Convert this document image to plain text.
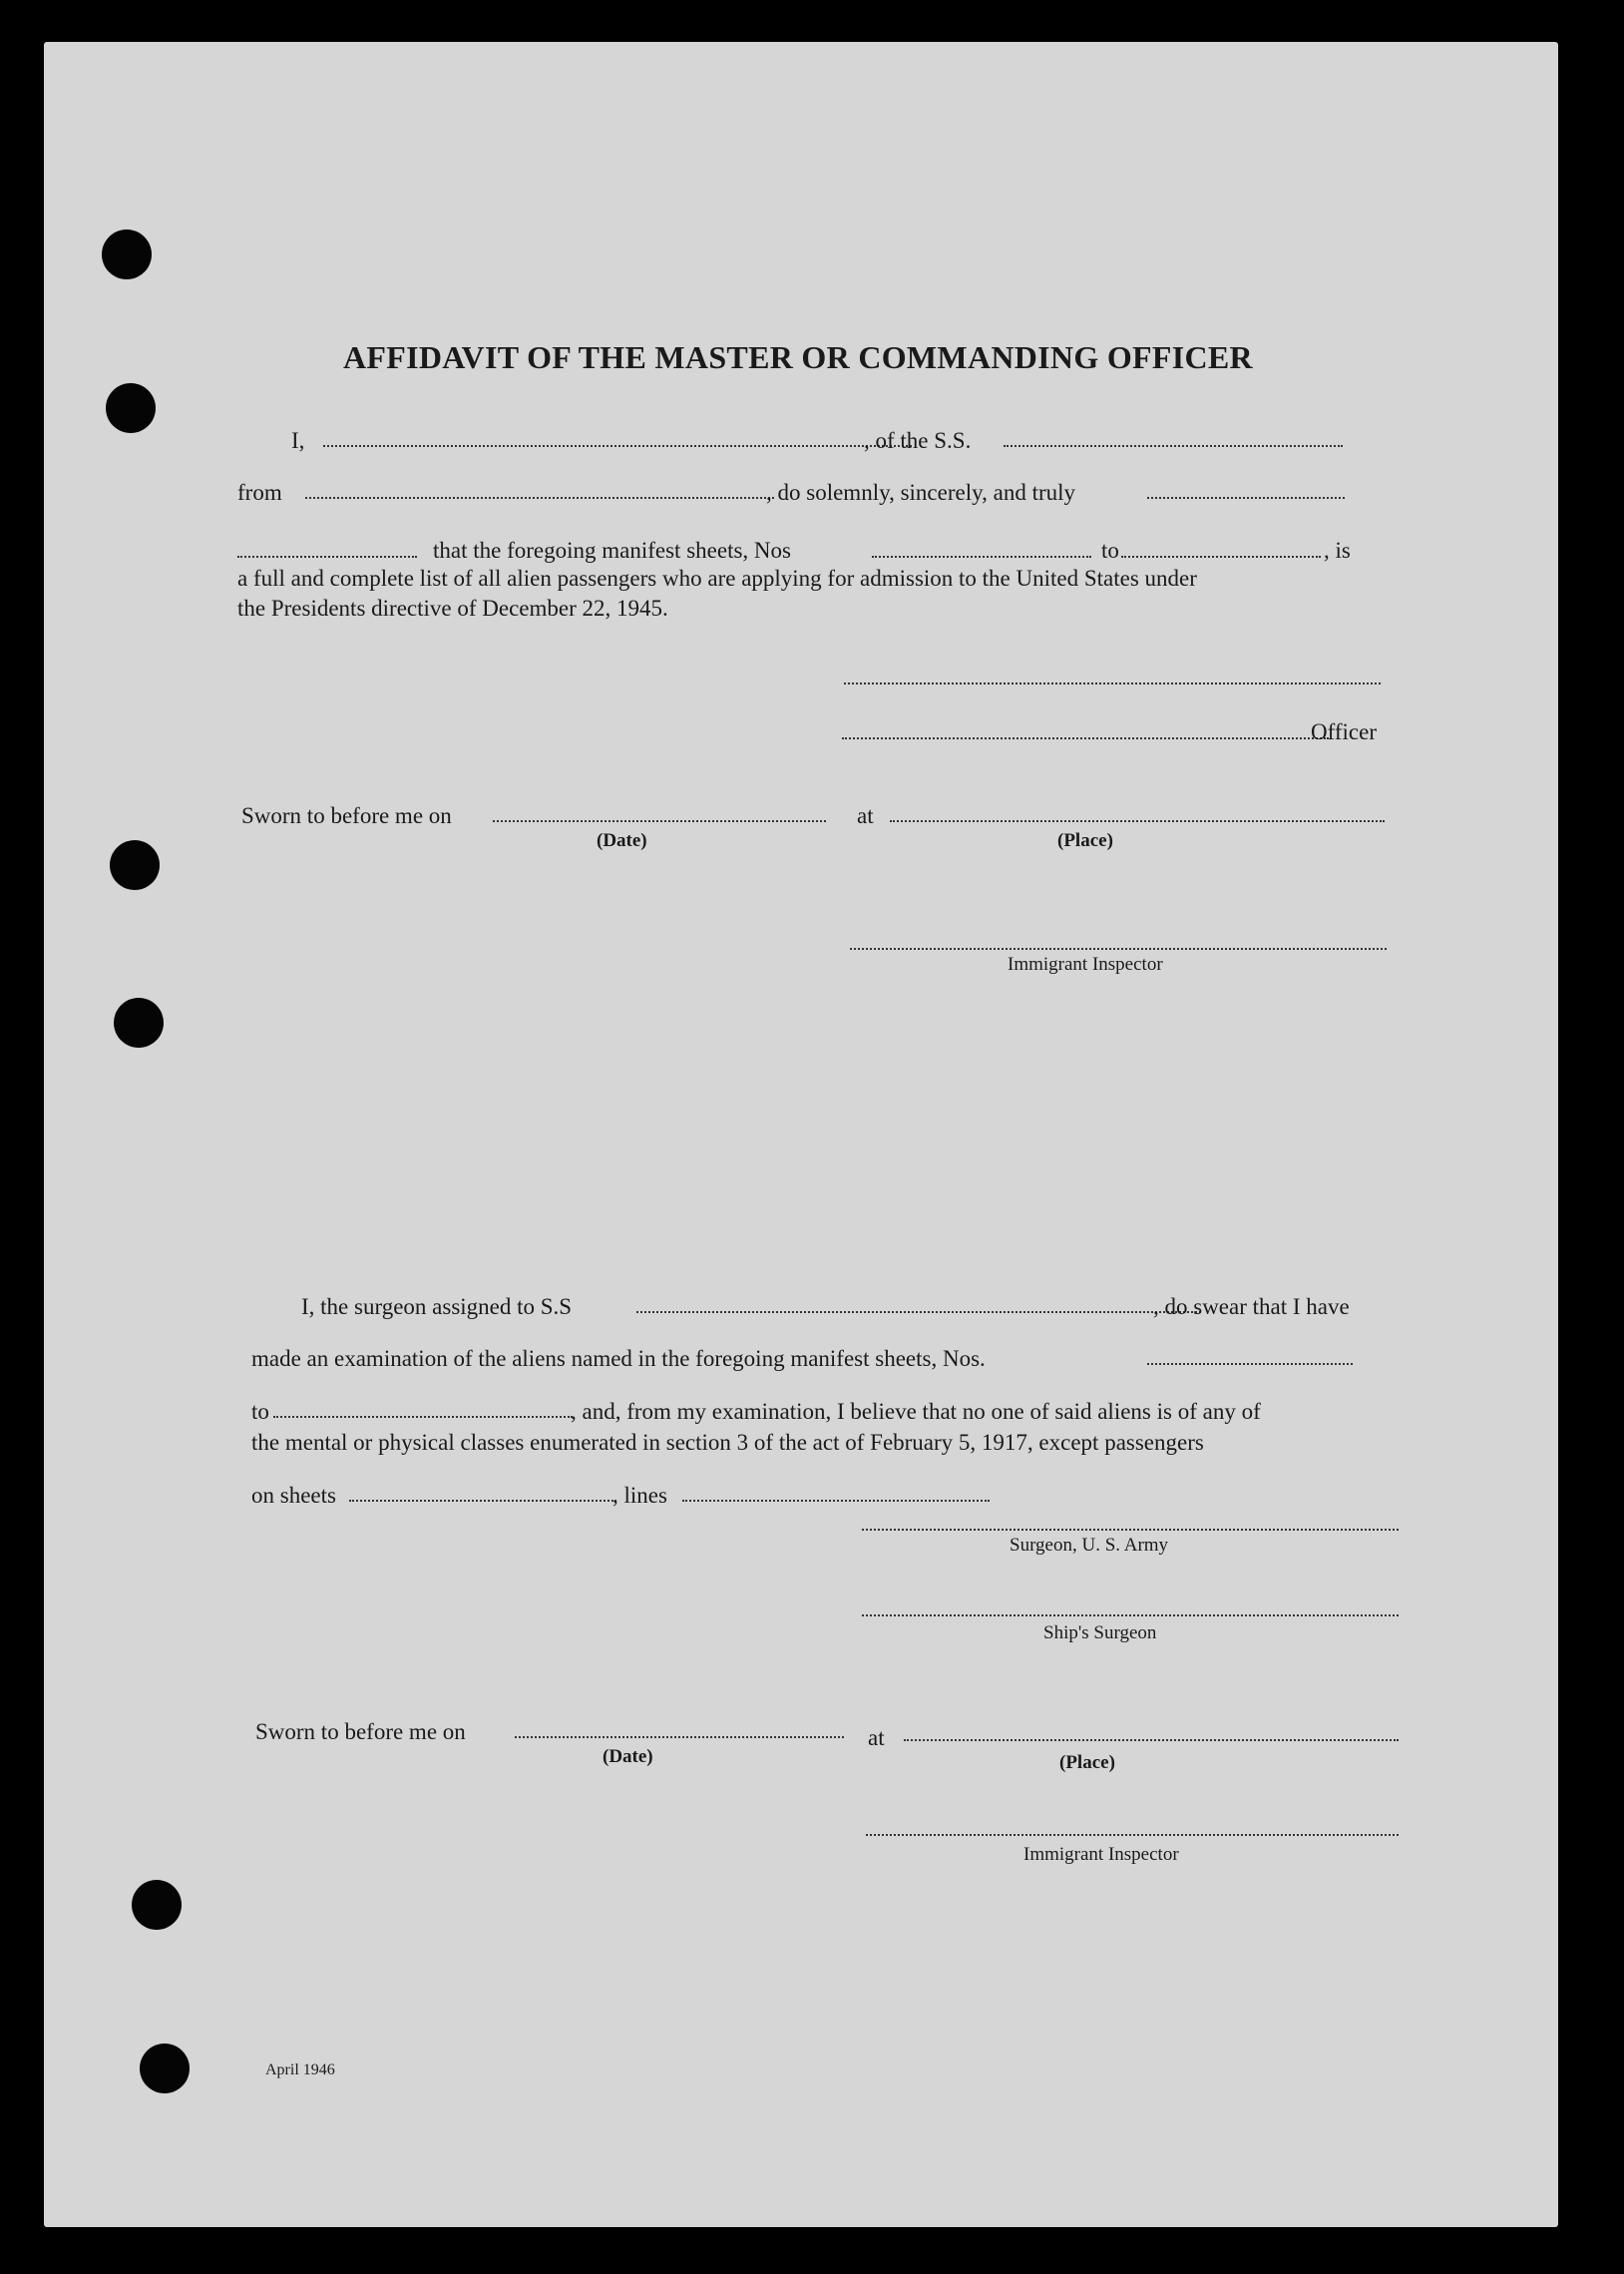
AFFIDAVIT OF THE MASTER OR COMMANDING OFFICER
I,	, of the S.S.
from	, do solemnly, sincerely, and truly
that the foregoing manifest sheets, Nos	to	, is
a full and complete list of all alien passengers who are applying for admission to the United States under
the Presidents directive of December 22, 1945.
Officer
Sworn to before me on	at
(Date)	(Place)
Immigrant Inspector
I, the surgeon assigned to S.S	, do swear that I have
made an examination of the aliens named in the foregoing manifest sheets, Nos.
to	, and, from my examination, I believe that no one of said aliens is of any of
the mental or physical classes enumerated in section 3 of the act of February 5, 1917, except passengers
on sheets	, lines
Surgeon, U. S. Army
Ship's Surgeon
Sworn to before me on	at
(Date)	(Place)
Immigrant Inspector
April 1946
